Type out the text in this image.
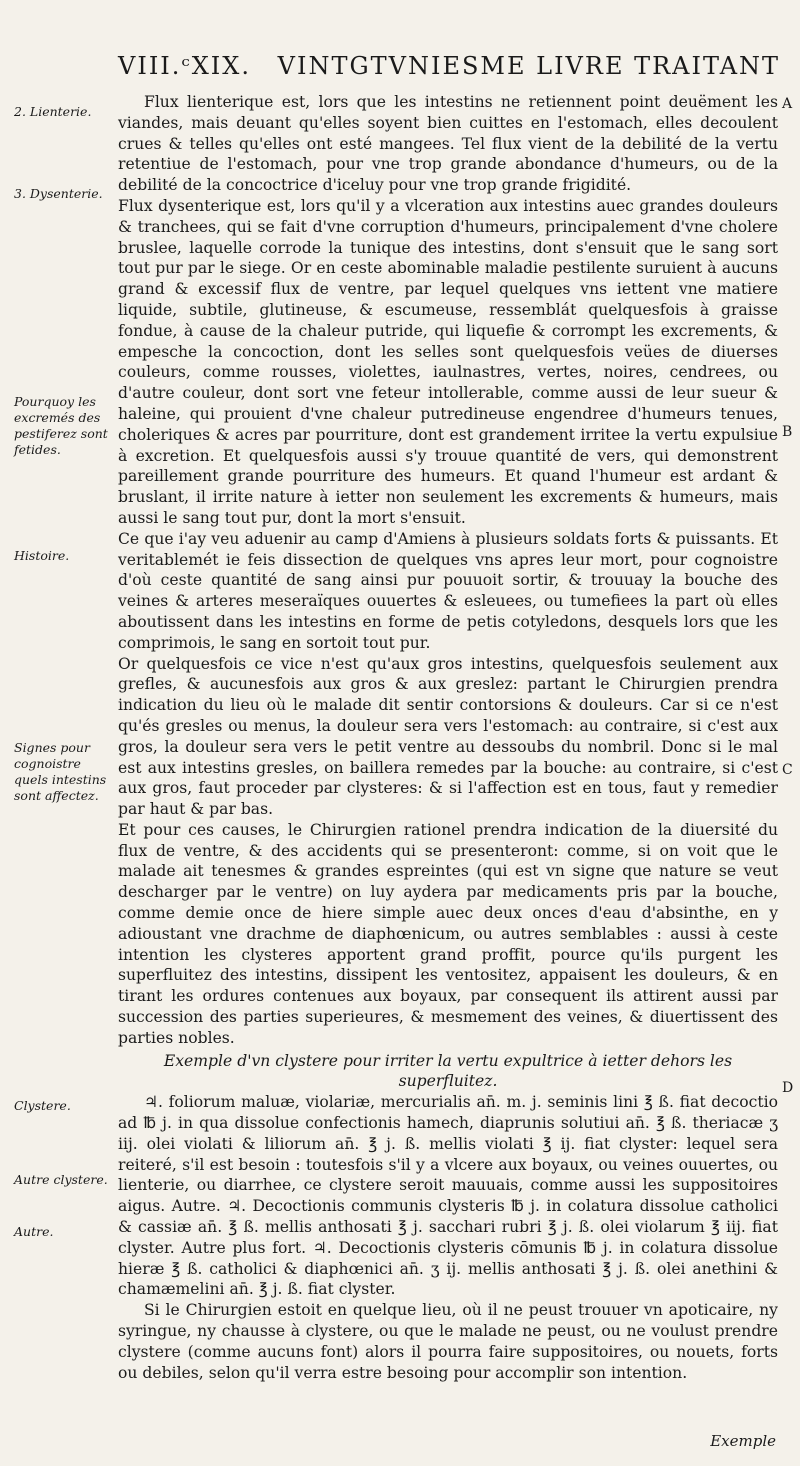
VIII.ᶜXIX. VINTGTVNIESME LIVRE TRAITANT
A
B
C
D
2. Lienterie.
3. Dysenterie.
Pourquoy les excremés des pestiferez sont fetides.
Histoire.
Signes pour cognoistre quels intestins sont affectez.
Clystere.
Autre clystere.
Autre.

Flux lienterique est, lors que les intestins ne retiennent point deuëment les viandes, mais deuant qu'elles soyent bien cuittes en l'estomach, elles decoulent crues & telles qu'elles ont esté mangees. Tel flux vient de la debilité de la vertu retentiue de l'estomach, pour vne trop grande abondance d'humeurs, ou de la debilité de la concoctrice d'iceluy pour vne trop grande frigidité.

Flux dysenterique est, lors qu'il y a vlceration aux intestins auec grandes douleurs & tranchees, qui se fait d'vne corruption d'humeurs, principalement d'vne cholere bruslee, laquelle corrode la tunique des intestins, dont s'ensuit que le sang sort tout pur par le siege. Or en ceste abominable maladie pestilente suruient à aucuns grand & excessif flux de ventre, par lequel quelques vns iettent vne matiere liquide, subtile, glutineuse, & escumeuse, ressemblát quelquesfois à graisse fondue, à cause de la chaleur putride, qui liquefie & corrompt les excrements, & empesche la concoction, dont les selles sont quelquesfois veües de diuerses couleurs, comme rousses, violettes, iaulnastres, vertes, noires, cendrees, ou d'autre couleur, dont sort vne feteur intollerable, comme aussi de leur sueur & haleine, qui prouient d'vne chaleur putredineuse engendree d'humeurs tenues, choleriques & acres par pourriture, dont est grandement irritee la vertu expulsiue à excretion. Et quelquesfois aussi s'y trouue quantité de vers, qui demonstrent pareillement grande pourriture des humeurs. Et quand l'humeur est ardant & bruslant, il irrite nature à ietter non seulement les excrements & humeurs, mais aussi le sang tout pur, dont la mort s'ensuit.

Ce que i'ay veu aduenir au camp d'Amiens à plusieurs soldats forts & puissants. Et veritablemét ie feis dissection de quelques vns apres leur mort, pour cognoistre d'où ceste quantité de sang ainsi pur pouuoit sortir, & trouuay la bouche des veines & arteres meseraïques ouuertes & esleuees, ou tumefiees la part où elles aboutissent dans les intestins en forme de petis cotyledons, desquels lors que les comprimois, le sang en sortoit tout pur.

Or quelquesfois ce vice n'est qu'aux gros intestins, quelquesfois seulement aux grefles, & aucunesfois aux gros & aux greslez: partant le Chirurgien prendra indication du lieu où le malade dit sentir contorsions & douleurs. Car si ce n'est qu'és gresles ou menus, la douleur sera vers l'estomach: au contraire, si c'est aux gros, la douleur sera vers le petit ventre au dessoubs du nombril. Donc si le mal est aux intestins gresles, on baillera remedes par la bouche: au contraire, si c'est aux gros, faut proceder par clysteres: & si l'affection est en tous, faut y remedier par haut & par bas.

Et pour ces causes, le Chirurgien rationel prendra indication de la diuersité du flux de ventre, & des accidents qui se presenteront: comme, si on voit que le malade ait tenesmes & grandes espreintes (qui est vn signe que nature se veut descharger par le ventre) on luy aydera par medicaments pris par la bouche, comme demie once de hiere simple auec deux onces d'eau d'absinthe, en y adioustant vne drachme de diaphœnicum, ou autres semblables : aussi à ceste intention les clysteres apportent grand proffit, pource qu'ils purgent les superfluitez des intestins, dissipent les ventositez, appaisent les douleurs, & en tirant les ordures contenues aux boyaux, par consequent ils attirent aussi par succession des parties superieures, & mesmement des veines, & diuertissent des parties nobles.

Exemple d'vn clystere pour irriter la vertu expultrice à ietter dehors les superfluitez.

♃. foliorum maluæ, violariæ, mercurialis an̄. m. j. seminis lini ℥ ß. fiat decoctio ad ℔ j. in qua dissolue confectionis hamech, diaprunis solutiui an̄. ℥ ß. theriacæ ʒ iij. olei violati & liliorum an̄. ℥ j. ß. mellis violati ℥ ij. fiat clyster: lequel sera reiteré, s'il est besoin : toutesfois s'il y a vlcere aux boyaux, ou veines ouuertes, ou lienterie, ou diarrhee, ce clystere seroit mauuais, comme aussi les suppositoires aigus. Autre. ♃. Decoctionis communis clysteris ℔ j. in colatura dissolue catholici & cassiæ an̄. ℥ ß. mellis anthosati ℥ j. sacchari rubri ℥ j. ß. olei violarum ℥ iij. fiat clyster. Autre plus fort. ♃. Decoctionis clysteris cōmunis ℔ j. in colatura dissolue hieræ ℥ ß. catholici & diaphœnici an̄. ʒ ij. mellis anthosati ℥ j. ß. olei anethini & chamæmelini an̄. ℥ j. ß. fiat clyster.

Si le Chirurgien estoit en quelque lieu, où il ne peust trouuer vn apoticaire, ny syringue, ny chausse à clystere, ou que le malade ne peust, ou ne voulust prendre clystere (comme aucuns font) alors il pourra faire suppositoires, ou nouets, forts ou debiles, selon qu'il verra estre besoing pour accomplir son intention.

Exemple
